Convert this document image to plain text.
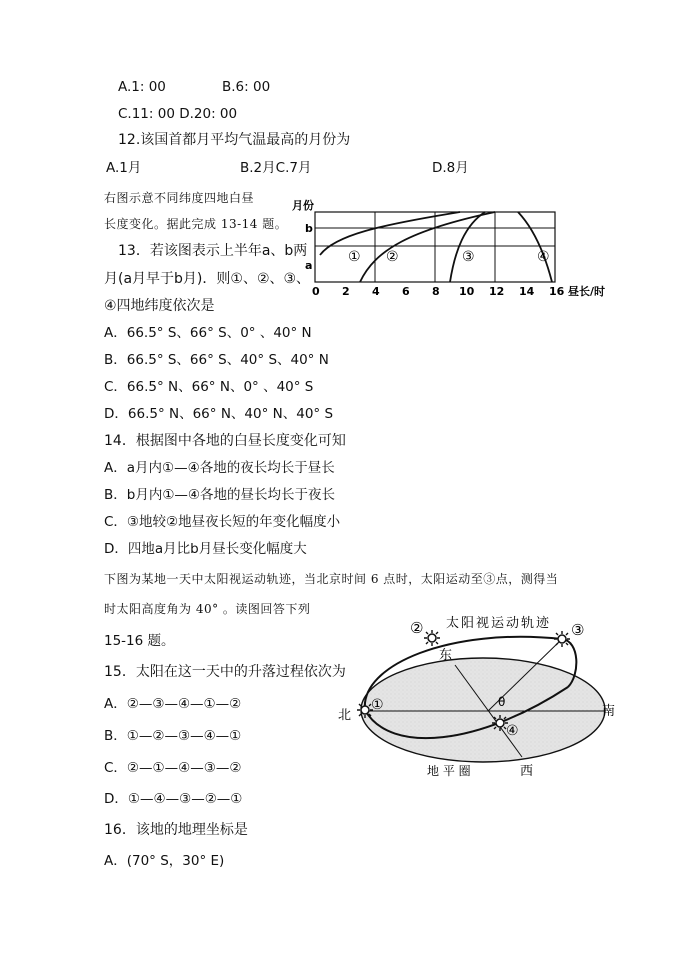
A.1: 00	B.6: 00
C.11: 00 D.20: 00
12.该国首都月平均气温最高的月份为
A.1月	B.2月C.7月	D.8月
右图示意不同纬度四地白昼
长度变化。据此完成 13-14 题。
13．若该图表示上半年a、b两
月(a月早于b月)．则①、②、③、
④四地纬度依次是
A．66.5° S、66° S、0° 、40° N
B．66.5° S、66° S、40° S、40° N
C．66.5° N、66° N、0° 、40° S
D．66.5° N、66° N、40° N、40° S
14．根据图中各地的白昼长度变化可知
A．a月内①—④各地的夜长均长于昼长
B．b月内①—④各地的昼长均长于夜长
C．③地较②地昼夜长短的年变化幅度小
D．四地a月比b月昼长变化幅度大
下图为某地一天中太阳视运动轨迹，当北京时间 6 点时，太阳运动至③点，测得当
时太阳高度角为 40° 。读图回答下列
15-16 题。
15．太阳在这一天中的升落过程依次为
A．②—③—④—①—②
B．①—②—③—④—①
C．②—①—④—③—②
D．①—④—③—②—①
16．该地的地理坐标是
A．(70° S，30° E)
月份
b
a
① ②	③	④
0 2 4 6 8 10 12 14 16 昼长/时
太阳视运动轨迹
②	③
①
④
东
北	南
西
θ
地 平 圈
